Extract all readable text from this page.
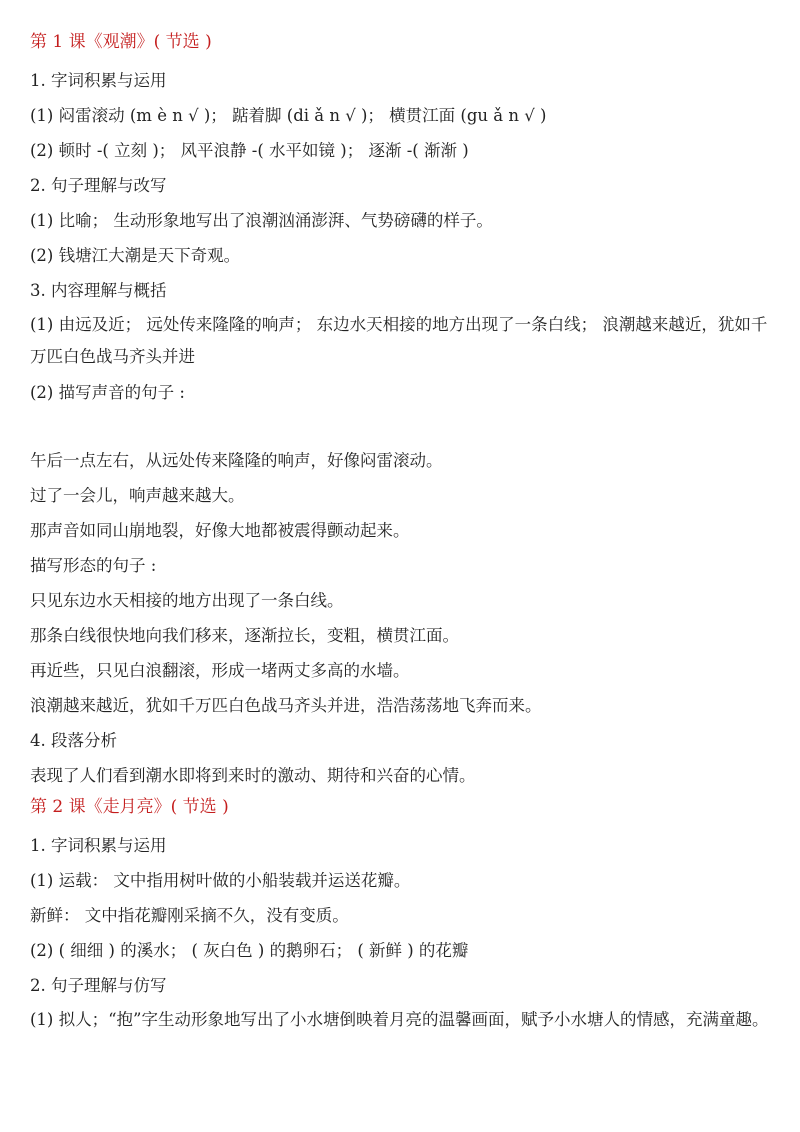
第 1 课《观潮》( 节选 )
1. 字词积累与运用
(1) 闷雷滚动 (m è n √ )； 踮着脚 (di ǎ n √ )； 横贯江面 (gu ǎ n √ )
(2) 顿时 -( 立刻 )； 风平浪静 -( 水平如镜 )； 逐渐 -( 渐渐 )
2. 句子理解与改写
(1) 比喻； 生动形象地写出了浪潮汹涌澎湃、气势磅礴的样子。
(2) 钱塘江大潮是天下奇观。
3. 内容理解与概括
(1) 由远及近； 远处传来隆隆的响声； 东边水天相接的地方出现了一条白线； 浪潮越来越近，犹如千万匹白色战马齐头并进
(2) 描写声音的句子 :
午后一点左右，从远处传来隆隆的响声，好像闷雷滚动。
过了一会儿，响声越来越大。
那声音如同山崩地裂，好像大地都被震得颤动起来。
描写形态的句子 :
只见东边水天相接的地方出现了一条白线。
那条白线很快地向我们移来，逐渐拉长，变粗，横贯江面。
再近些，只见白浪翻滚，形成一堵两丈多高的水墙。
浪潮越来越近，犹如千万匹白色战马齐头并进，浩浩荡荡地飞奔而来。
4. 段落分析
表现了人们看到潮水即将到来时的激动、期待和兴奋的心情。
第 2 课《走月亮》( 节选 )
1. 字词积累与运用
(1) 运载： 文中指用树叶做的小船装载并运送花瓣。
新鲜： 文中指花瓣刚采摘不久，没有变质。
(2) ( 细细 ) 的溪水； ( 灰白色 ) 的鹅卵石； ( 新鲜 ) 的花瓣
2. 句子理解与仿写
(1) 拟人；“抱”字生动形象地写出了小水塘倒映着月亮的温馨画面，赋予小水塘人的情感，充满童趣。
